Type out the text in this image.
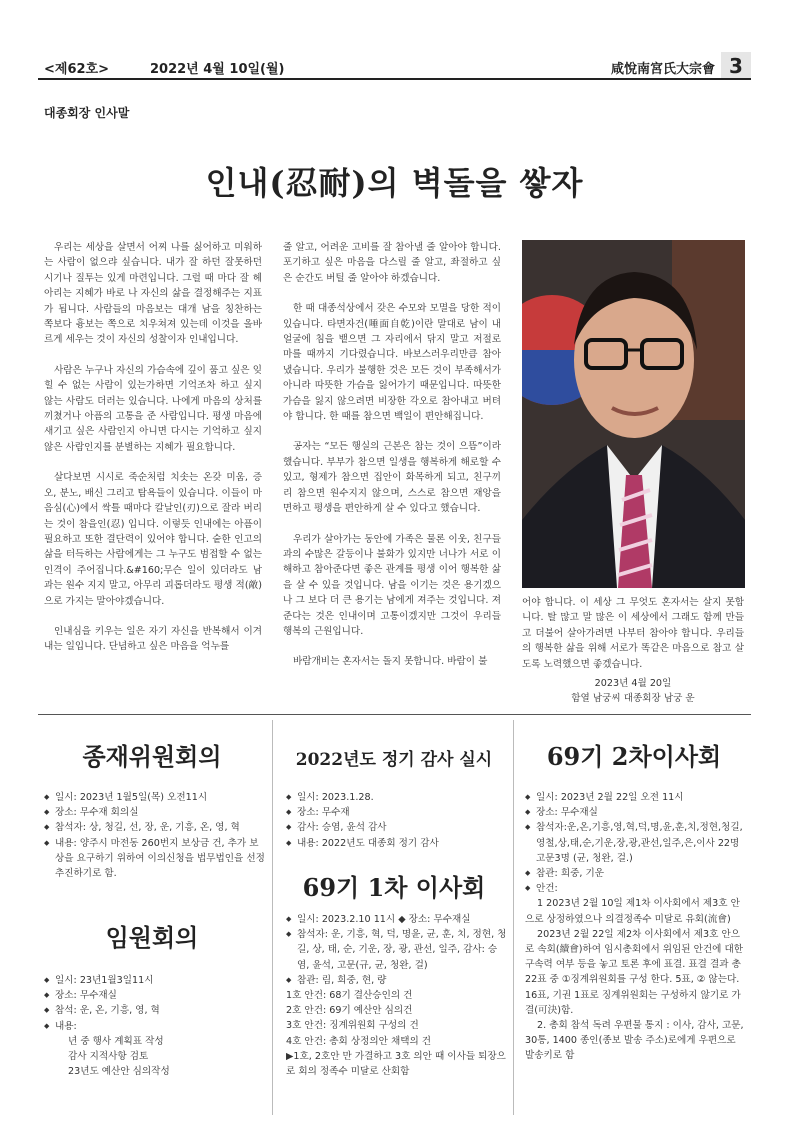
<제62호>	2022년 4월 10일(월)	咸悅南宮氏大宗會 3
대종회장 인사말
인내(忍耐)의 벽돌을 쌓자

우리는 세상을 살면서 어찌 나를 싫어하고 미워하는 사람이 없으랴 싶습니다. 내가 잘 하던 잘못하던 시기나 질투는 있게 마련입니다. 그럴 때 마다 잘 헤아리는 지혜가 바로 나 자신의 삶을 결정해주는 지표가 됩니다. 사람들의 마음보는 대개 남을 칭찬하는 쪽보다 흉보는 쪽으로 치우쳐져 있는데 이것을 올바르게 세우는 것이 자신의 성찰이자 인내입니다.

사람은 누구나 자신의 가슴속에 깊이 품고 싶은 잊힐 수 없는 사람이 있는가하면 기억조차 하고 싶지 않는 사람도 더러는 있습니다. 나에게 마음의 상처를 끼쳤거나 아픔의 고통을 준 사람입니다. 평생 마음에 새기고 싶은 사람인지 아니면 다시는 기억하고 싶지 않은 사람인지를 분별하는 지혜가 필요합니다.

살다보면 시시로 죽순처럼 치솟는 온갖 미움, 증오, 분노, 배신 그리고 탐욕들이 있습니다. 이들이 마음심(心)에서 싹틀 때마다 칼날인(刃)으로 잘라 버리는 것이 참을인(忍) 입니다. 이렇듯 인내에는 아픔이 필요하고 또한 결단력이 있어야 합니다. 숱한 인고의 삶을 터득하는 사람에게는 그 누구도 범접할 수 없는 인격이 주어집니다.&#160;무슨 일이 있더라도 남과는 원수 지지 말고, 아무리 괴롭더라도 평생 적(敵)으로 가지는 말아야겠습니다.

인내심을 키우는 일은 자기 자신을 반복해서 이겨내는 일입니다. 단념하고 싶은 마음을 억누를

줄 알고, 어려운 고비를 잘 참아낼 줄 알아야 합니다. 포기하고 싶은 마음을 다스릴 줄 알고, 좌절하고 싶은 순간도 버틸 줄 알아야 하겠습니다.

한 때 대종석상에서 갖은 수모와 모멸을 당한 적이 있습니다. 타면자건(唾面自乾)이란 말대로 남이 내 얼굴에 침을 뱉으면 그 자리에서 닦지 말고 저절로 마를 때까지 기다렸습니다. 바보스러우리만큼 참아냈습니다. 우리가 불행한 것은 모든 것이 부족해서가 아니라 따뜻한 가슴을 잃어가기 때문입니다. 따뜻한 가슴을 잃지 않으려면 비장한 각오로 참아내고 버텨야 합니다. 한 때를 참으면 백일이 편안해집니다.

공자는 “모든 행실의 근본은 참는 것이 으뜸”이라 했습니다. 부부가 참으면 일생을 행복하게 해로할 수 있고, 형제가 참으면 집안이 화목하게 되고, 친구끼리 참으면 원수지지 않으며, 스스로 참으면 재앙을 면하고 평생을 편안하게 살 수 있다고 했습니다.

우리가 살아가는 동안에 가족은 물론 이웃, 친구들과의 수많은 갈등이나 불화가 있지만 너나가 서로 이해하고 참아준다면 좋은 관계를 평생 이어 행복한 삶을 살 수 있을 것입니다. 남을 이기는 것은 용기겠으나 그 보다 더 큰 용기는 남에게 져주는 것입니다. 져준다는 것은 인내이며 고통이겠지만 그것이 우리들 행복의 근원입니다.

바람개비는 혼자서는 돌지 못합니다. 바람이 불

어야 합니다. 이 세상 그 무엇도 혼자서는 살지 못합니다. 탈 많고 말 많은 이 세상에서 그래도 함께 만들고 더불어 살아가려면 나부터 참아야 합니다. 우리들의 행복한 삶을 위해 서로가 똑같은 마음으로 참고 살도록 노력했으면 좋겠습니다.

2023년 4월 20일
함열 남궁씨 대종회장 남궁 운
종재위원회의
◆ 일시: 2023년 1월5일(목) 오전11시
◆ 장소: 무수재 회의실
◆ 참석자: 상, 청길, 선, 장, 운, 기흥, 온, 영, 혁
◆ 내용: 양주시 마전동 260번지 보상금 건, 추가 보상을 요구하기 위하여 이의신청을 법무법인을 선정 추진하기로 함.
임원회의
◆ 일시: 23년1월3일11시
◆ 장소: 무수재실
◆ 참석: 운, 온, 기흥, 영, 혁
◆ 내용:
년 중 행사 계획표 작성
감사 지적사항 검토
23년도 예산안 심의작성
2022년도 정기 감사 실시
◆ 일시: 2023.1.28.
◆ 장소: 무수재
◆ 감사: 승염, 윤석 감사
◆ 내용: 2022년도 대종회 정기 감사
69기 1차 이사회
◆ 일시: 2023.2.10 11시 ◆ 장소: 무수재실
◆ 참석자: 운, 기흥, 혁, 덕, 명윤, 균, 훈, 치, 정현, 청길, 상, 태, 순, 기운, 장, 광, 관선, 일주, 감사: 승염, 윤석, 고문(규, 균, 청완, 걸)
◆ 참관: 림, 희중, 현, 량
1호 안건: 68기 결산승인의 건
2호 안건: 69기 예산안 심의건
3호 안건: 징계위원회 구성의 건
4호 안건: 총회 상정의안 채택의 건
▶1호, 2호안 만 가결하고 3호 의안 때 이사들 퇴장으로 회의 정족수 미달로 산회함
69기 2차이사회
◆ 일시: 2023년 2월 22일 오전 11시
◆ 장소: 무수재실
◆ 참석자:운,온,기흥,영,혁,덕,명,윤,훈,치,정현,청길,영철,상,태,순,기운,장,광,관선,일주,은,이사 22명 고문3명 (균, 청완, 걸.)
◆ 참관: 희중, 기운
◆ 안건:
1 2023년 2월 10일 제1차 이사회에서 제3호 안으로 상정하였으나 의결정족수 미달로 유회(流會)
2023년 2월 22일 제2차 이사회에서 제3호 안으로 속회(續會)하여 임시총회에서 위임된 안건에 대한 구속력 여부 등을 놓고 토론 후에 표결. 표결 결과 총 22표 중 ①징계위원회를 구성 한다. 5표, ② 않는다. 16표, 기권 1표로 징계위원회는 구성하지 않기로 가결(可決)함.
2. 총회 참석 독려 우편물 통지 : 이사, 감사, 고문, 30통, 1400 종인(종보 발송 주소)로에게 우편으로 발송키로 함
